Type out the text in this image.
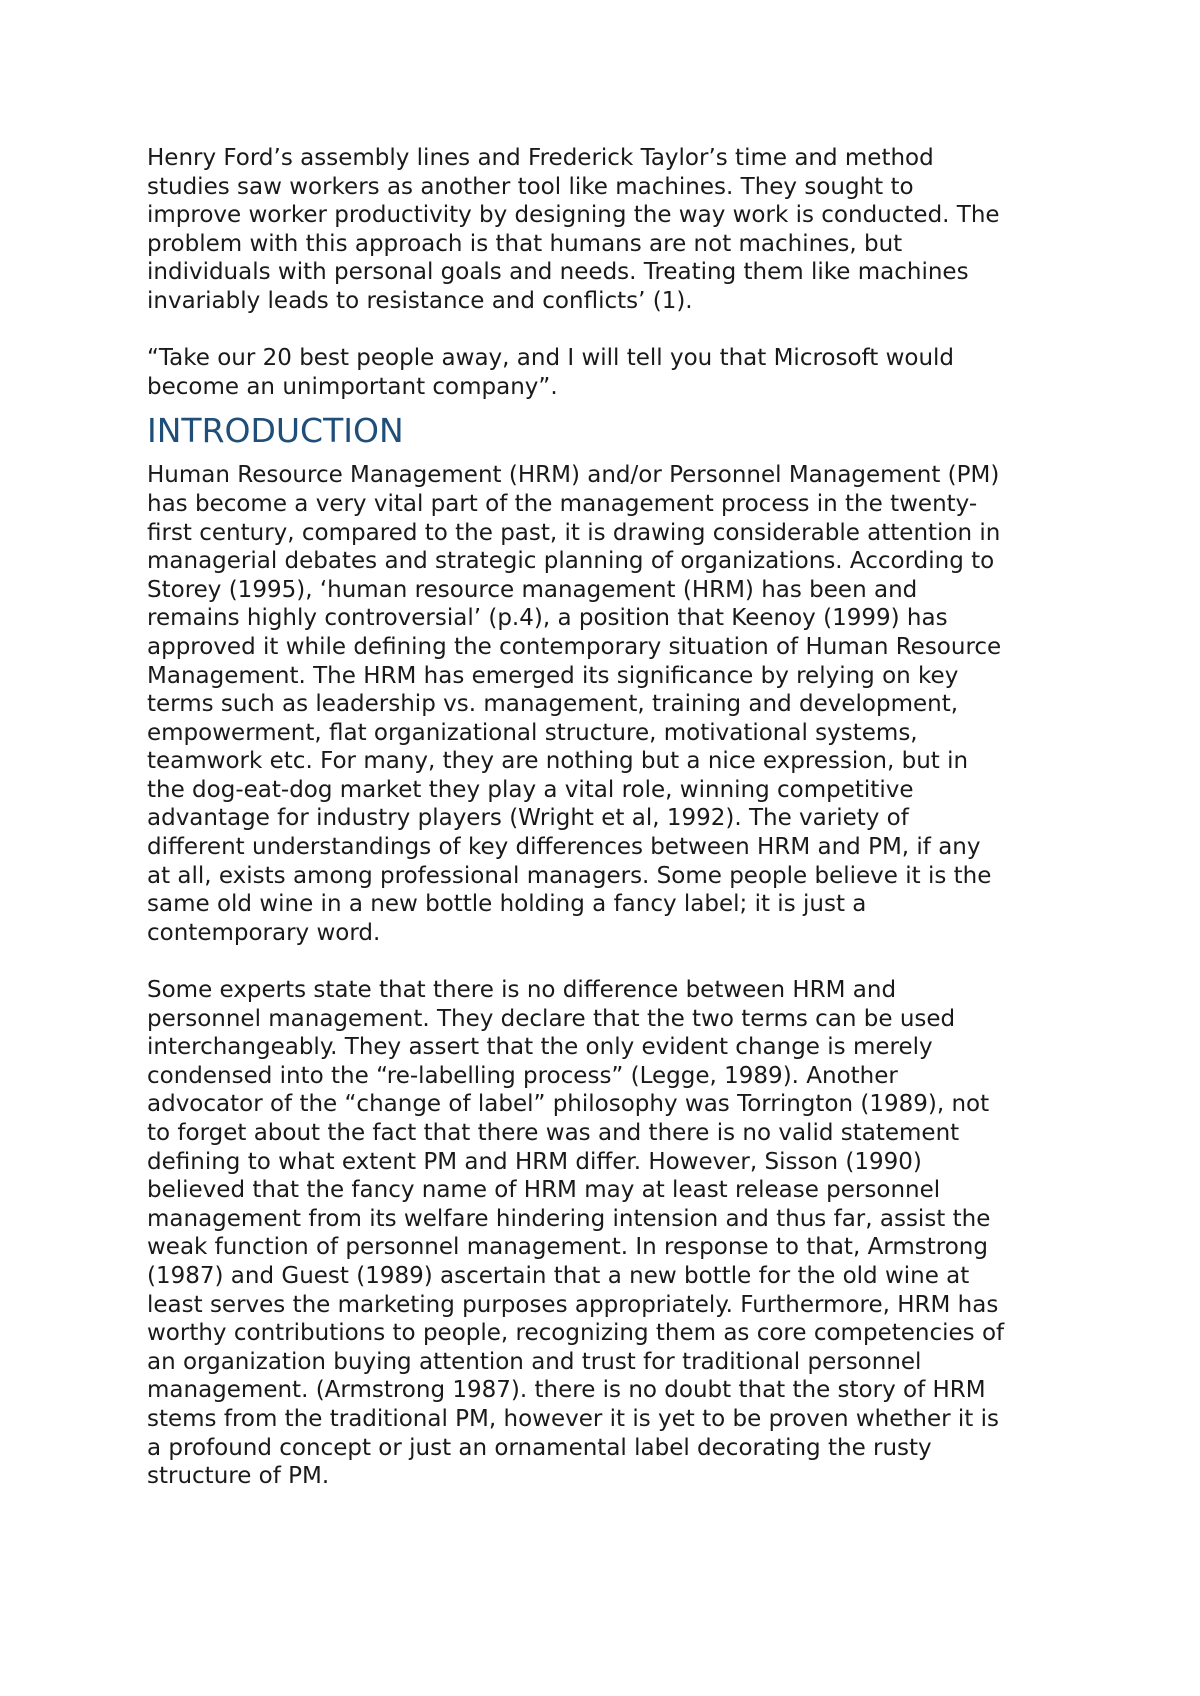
Henry Ford’s assembly lines and Frederick Taylor’s time and method
studies saw workers as another tool like machines. They sought to
improve worker productivity by designing the way work is conducted. The
problem with this approach is that humans are not machines, but
individuals with personal goals and needs. Treating them like machines
invariably leads to resistance and conflicts’ (1).

“Take our 20 best people away, and I will tell you that Microsoft would
become an unimportant company”.

INTRODUCTION

Human Resource Management (HRM) and/or Personnel Management (PM)
has become a very vital part of the management process in the twenty-
first century, compared to the past, it is drawing considerable attention in
managerial debates and strategic planning of organizations. According to
Storey (1995), ‘human resource management (HRM) has been and
remains highly controversial’ (p.4), a position that Keenoy (1999) has
approved it while defining the contemporary situation of Human Resource
Management. The HRM has emerged its significance by relying on key
terms such as leadership vs. management, training and development,
empowerment, flat organizational structure, motivational systems,
teamwork etc. For many, they are nothing but a nice expression, but in
the dog-eat-dog market they play a vital role, winning competitive
advantage for industry players (Wright et al, 1992). The variety of
different understandings of key differences between HRM and PM, if any
at all, exists among professional managers. Some people believe it is the
same old wine in a new bottle holding a fancy label; it is just a
contemporary word.

Some experts state that there is no difference between HRM and
personnel management. They declare that the two terms can be used
interchangeably. They assert that the only evident change is merely
condensed into the “re-labelling process” (Legge, 1989). Another
advocator of the “change of label” philosophy was Torrington (1989), not
to forget about the fact that there was and there is no valid statement
defining to what extent PM and HRM differ. However, Sisson (1990)
believed that the fancy name of HRM may at least release personnel
management from its welfare hindering intension and thus far, assist the
weak function of personnel management. In response to that, Armstrong
(1987) and Guest (1989) ascertain that a new bottle for the old wine at
least serves the marketing purposes appropriately. Furthermore, HRM has
worthy contributions to people, recognizing them as core competencies of
an organization buying attention and trust for traditional personnel
management. (Armstrong 1987). there is no doubt that the story of HRM
stems from the traditional PM, however it is yet to be proven whether it is
a profound concept or just an ornamental label decorating the rusty
structure of PM.
